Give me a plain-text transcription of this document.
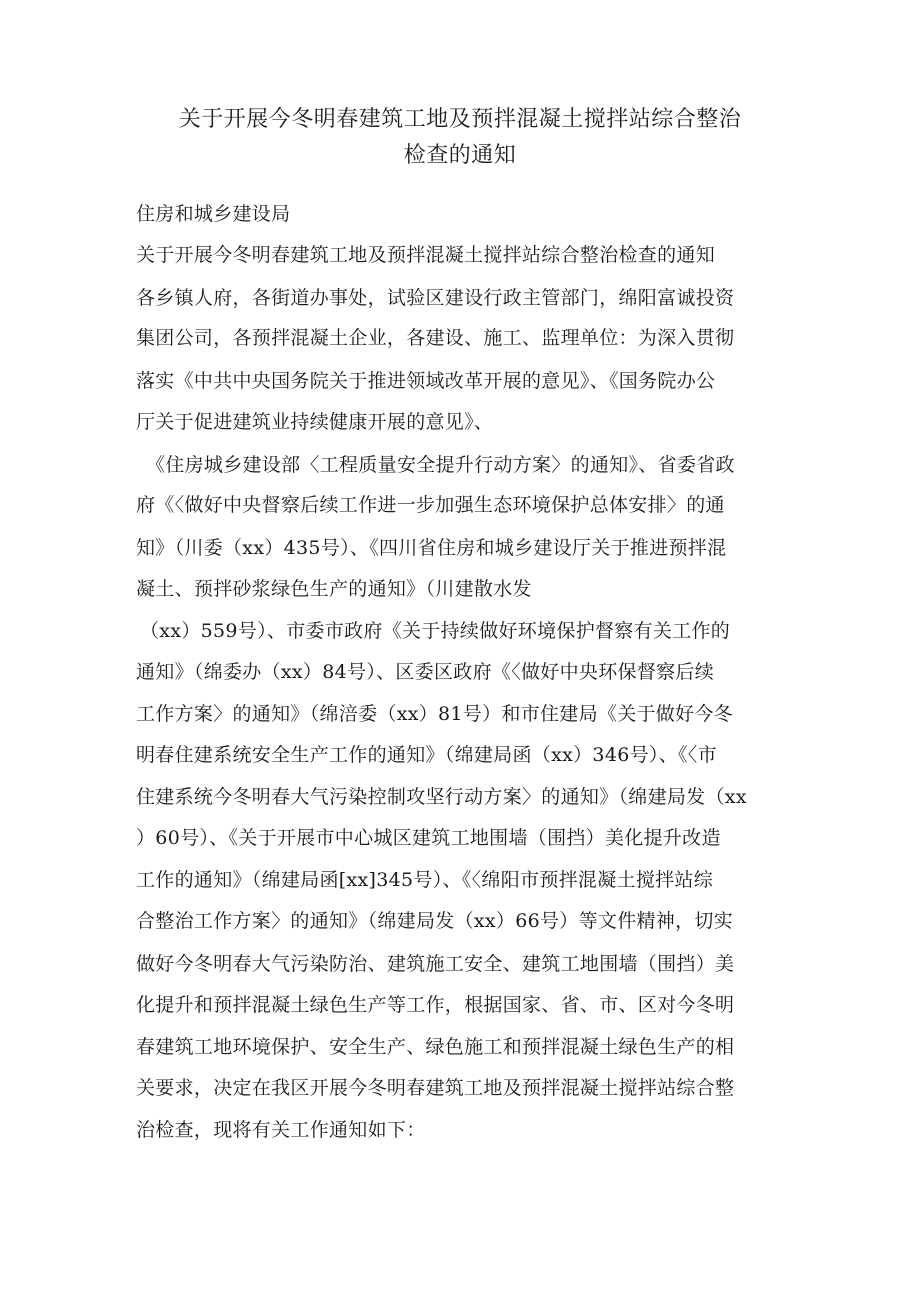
关于开展今冬明春建筑工地及预拌混凝土搅拌站综合整治
检查的通知
住房和城乡建设局
关于开展今冬明春建筑工地及预拌混凝土搅拌站综合整治检查的通知
各乡镇人府，各街道办事处，试验区建设行政主管部门，绵阳富诚投资
集团公司，各预拌混凝土企业，各建设、施工、监理单位：为深入贯彻
落实《中共中央国务院关于推进领域改革开展的意见》、《国务院办公
厅关于促进建筑业持续健康开展的意见》、
《住房城乡建设部〈工程质量安全提升行动方案〉的通知》、省委省政
府《〈做好中央督察后续工作进一步加强生态环境保护总体安排〉的通
知》（川委（xx）435号）、《四川省住房和城乡建设厅关于推进预拌混
凝土、预拌砂浆绿色生产的通知》（川建散水发
（xx）559号）、市委市政府《关于持续做好环境保护督察有关工作的
通知》（绵委办（xx）84号）、区委区政府《〈做好中央环保督察后续
工作方案〉的通知》（绵涪委（xx）81号）和市住建局《关于做好今冬
明春住建系统安全生产工作的通知》（绵建局函（xx）346号）、《〈市
住建系统今冬明春大气污染控制攻坚行动方案〉的通知》（绵建局发（xx
）60号）、《关于开展市中心城区建筑工地围墙（围挡）美化提升改造
工作的通知》（绵建局函[xx]345号）、《〈绵阳市预拌混凝土搅拌站综
合整治工作方案〉的通知》（绵建局发（xx）66号）等文件精神，切实
做好今冬明春大气污染防治、建筑施工安全、建筑工地围墙（围挡）美
化提升和预拌混凝土绿色生产等工作，根据国家、省、市、区对今冬明
春建筑工地环境保护、安全生产、绿色施工和预拌混凝土绿色生产的相
关要求，决定在我区开展今冬明春建筑工地及预拌混凝土搅拌站综合整
治检查，现将有关工作通知如下：
